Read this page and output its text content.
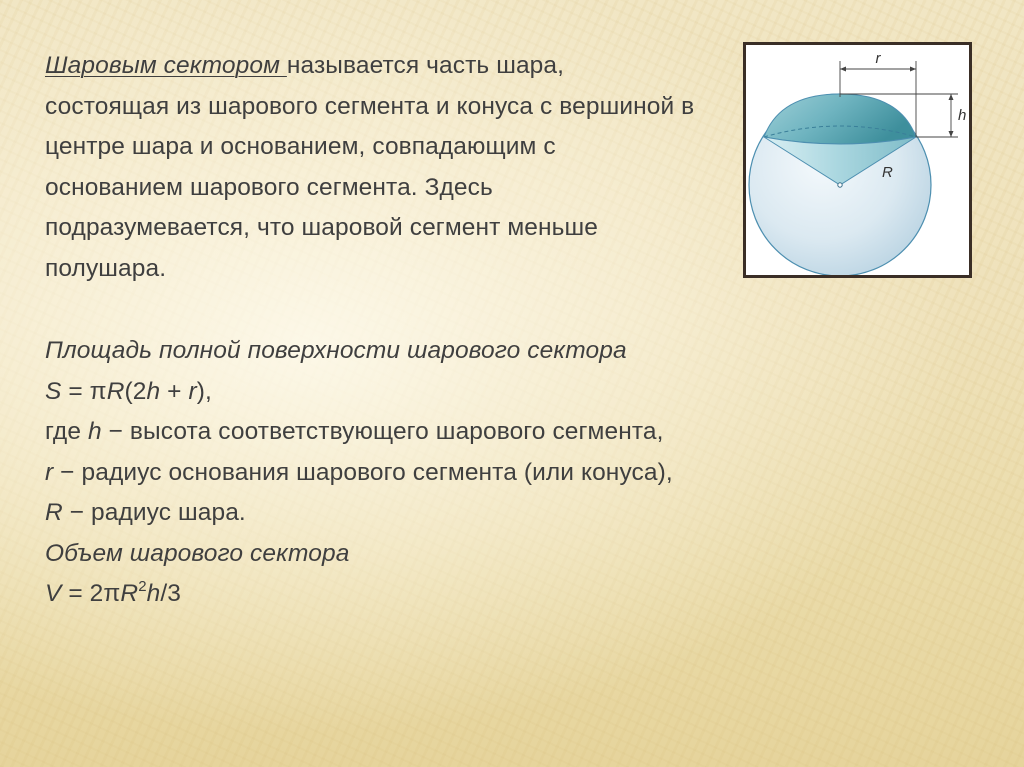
Шаровым сектором называется часть шара, состоящая из шарового сегмента и конуса с вершиной в центре шара и основанием, совпадающим с основанием шарового сегмента. Здесь подразумевается, что шаровой сегмент меньше полушара.

Площадь полной поверхности шарового сектора

S = πR(2h + r),

где h − высота соответствующего шарового сегмента,

r − радиус основания шарового сегмента (или конуса),

R − радиус шара.

Объем шарового сектора

$V = 2\pi R^2h/3$

r
h
R
